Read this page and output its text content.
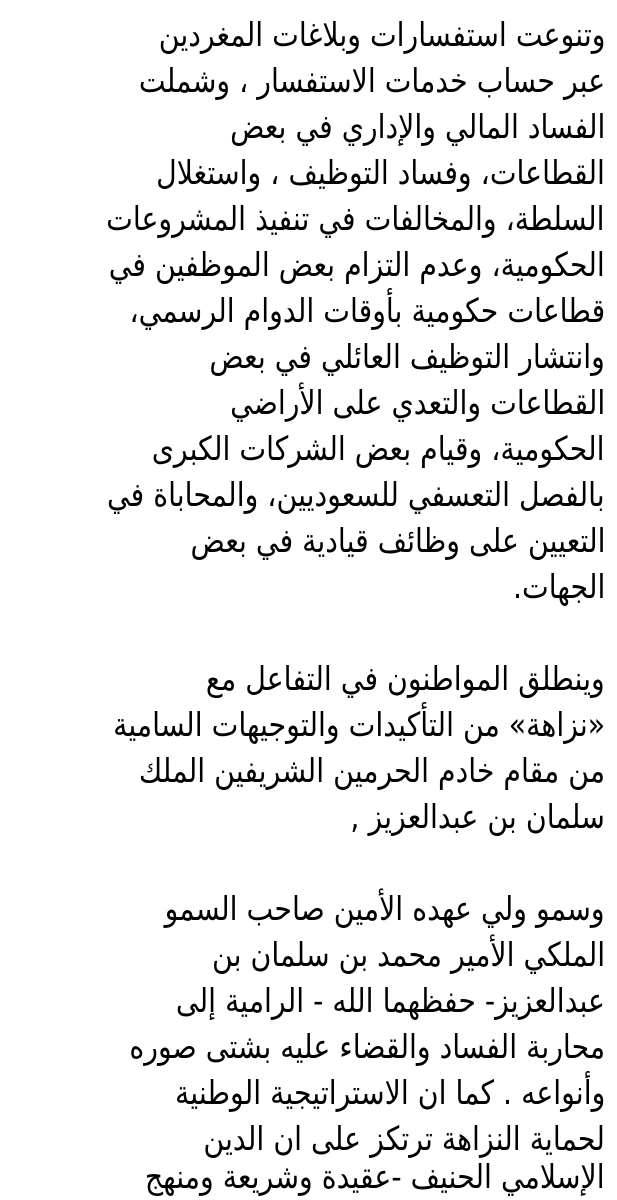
وتنوعت استفسارات وبلاغات المغردين
عبر حساب خدمات الاستفسار ، وشملت
الفساد المالي والإداري في بعض
القطاعات، وفساد التوظيف ، واستغلال
السلطة، والمخالفات في تنفيذ المشروعات
الحكومية، وعدم التزام بعض الموظفين في
قطاعات حكومية بأوقات الدوام الرسمي،
وانتشار التوظيف العائلي في بعض
القطاعات والتعدي على الأراضي
الحكومية، وقيام بعض الشركات الكبرى
بالفصل التعسفي للسعوديين، والمحاباة في
التعيين على وظائف قيادية في بعض
الجهات.
وينطلق المواطنون في التفاعل مع
«نزاهة» من التأكيدات والتوجيهات السامية
من مقام خادم الحرمين الشريفين الملك
سلمان بن عبدالعزيز ,
وسمو ولي عهده الأمين صاحب السمو
الملكي الأمير محمد بن سلمان بن
عبدالعزيز- حفظهما الله - الرامية إلى
محاربة الفساد والقضاء عليه بشتى صوره
وأنواعه . كما ان الاستراتيجية الوطنية
لحماية النزاهة ترتكز على ان الدين
الإسلامي الحنيف -عقيدة وشريعة ومنهج
